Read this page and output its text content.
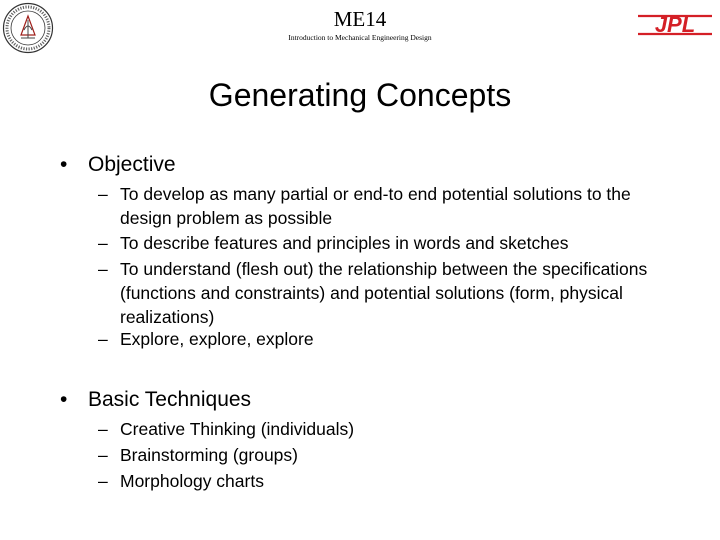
ME14
Introduction to Mechanical Engineering Design
JPL
Generating Concepts
• Objective
– To develop as many partial or end-to end potential solutions to the design problem as possible
– To describe features and principles in words and sketches
– To understand (flesh out) the relationship between the specifications (functions and constraints) and potential solutions (form, physical realizations)
– Explore, explore, explore
• Basic Techniques
– Creative Thinking (individuals)
– Brainstorming (groups)
– Morphology charts
